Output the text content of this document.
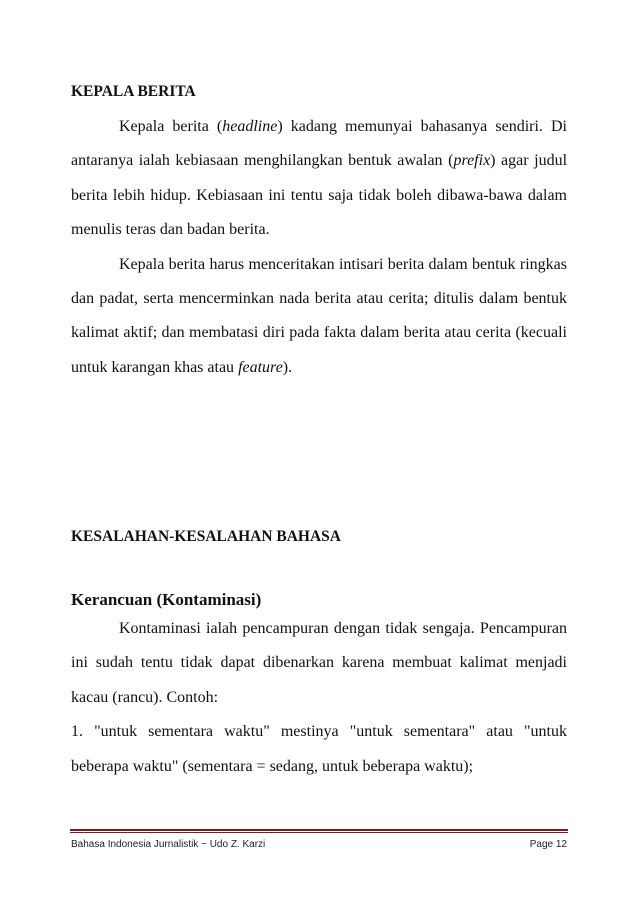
KEPALA BERITA

Kepala berita (headline) kadang memunyai bahasanya sendiri. Di antaranya ialah kebiasaan menghilangkan bentuk awalan (prefix) agar judul berita lebih hidup. Kebiasaan ini tentu saja tidak boleh dibawa-bawa dalam menulis teras dan badan berita.

Kepala berita harus menceritakan intisari berita dalam bentuk ringkas dan padat, serta mencerminkan nada berita atau cerita; ditulis dalam bentuk kalimat aktif; dan membatasi diri pada fakta dalam berita atau cerita (kecuali untuk karangan khas atau feature).

KESALAHAN-KESALAHAN BAHASA
Kerancuan (Kontaminasi)

Kontaminasi ialah pencampuran dengan tidak sengaja. Pencampuran ini sudah tentu tidak dapat dibenarkan karena membuat kalimat menjadi kacau (rancu). Contoh:

1. "untuk sementara waktu" mestinya "untuk sementara" atau "untuk beberapa waktu" (sementara = sedang, untuk beberapa waktu);

Bahasa Indonesia Jurnalistik ~ Udo Z. Karzi	Page 12
